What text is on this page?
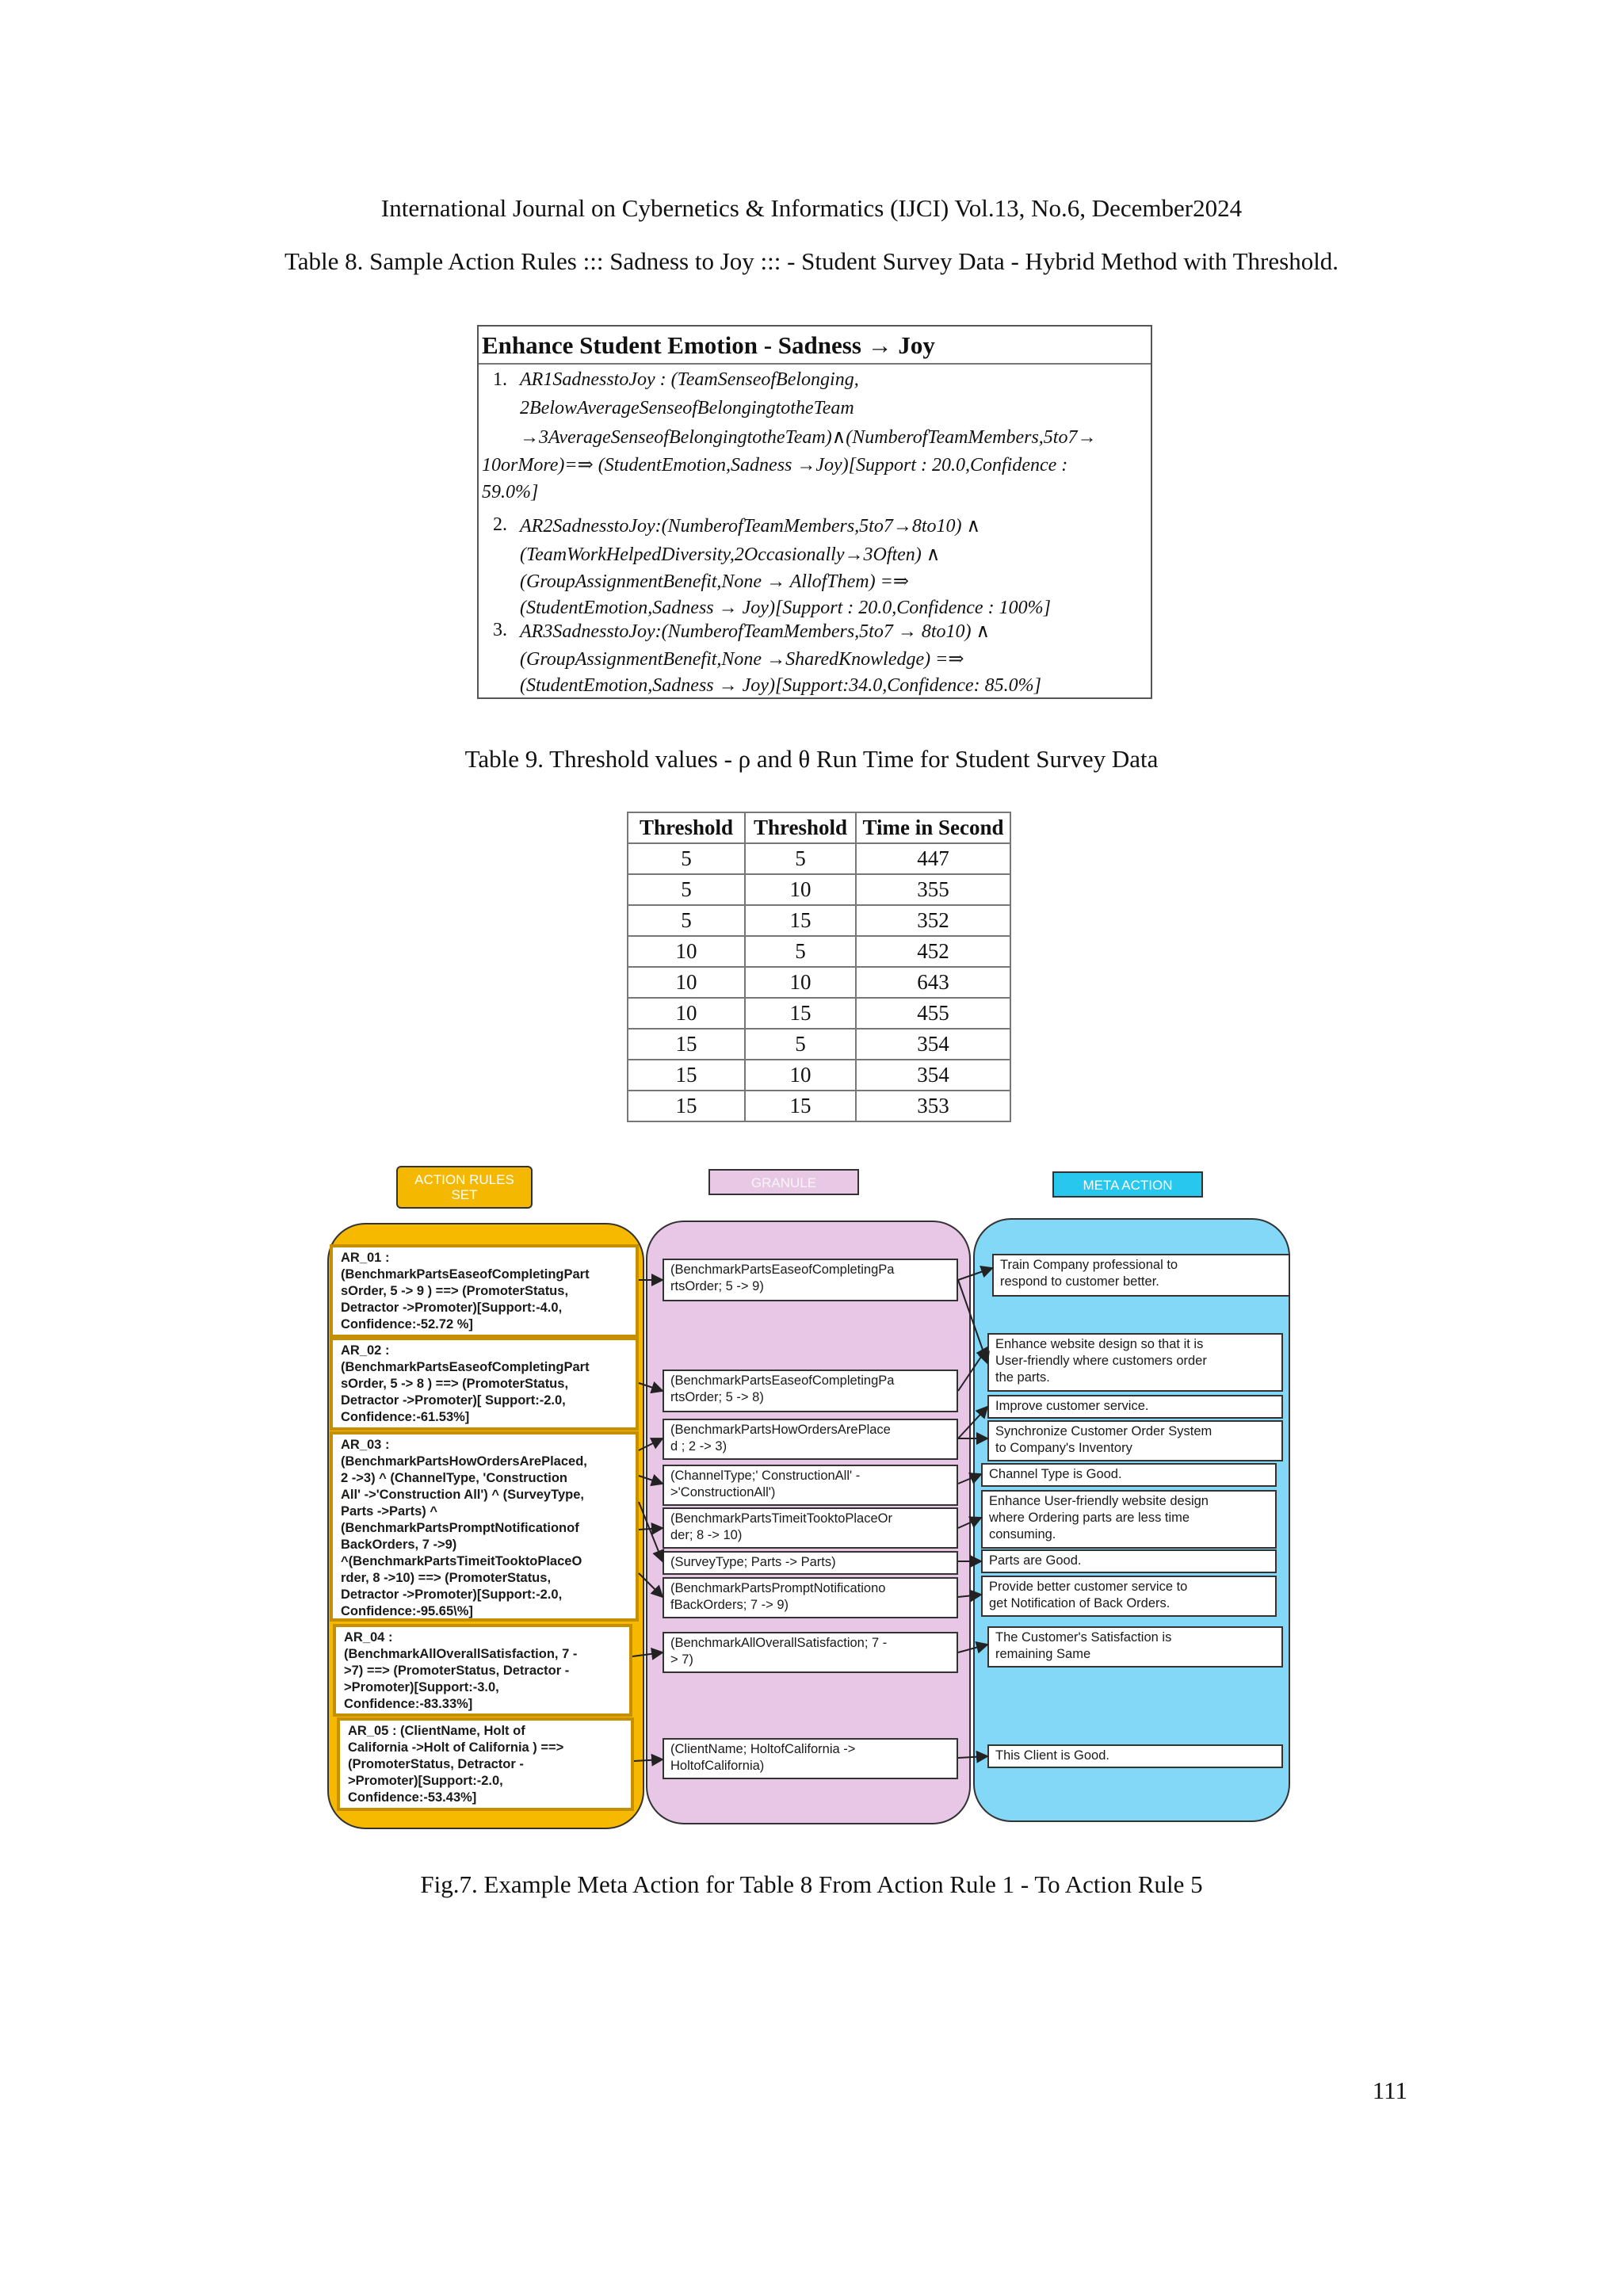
International Journal on Cybernetics & Informatics (IJCI) Vol.13, No.6, December2024
Table 8. Sample Action Rules ::: Sadness to Joy ::: - Student Survey Data - Hybrid Method with Threshold.
Enhance Student Emotion - Sadness → Joy
1. AR1SadnesstoJoy : (TeamSenseofBelonging,
2BelowAverageSenseofBelongingtotheTeam
→3AverageSenseofBelongingtotheTeam)∧(NumberofTeamMembers,5to7→
10orMore)=⇒ (StudentEmotion,Sadness →Joy)[Support : 20.0,Confidence :
59.0%]
2. AR2SadnesstoJoy:(NumberofTeamMembers,5to7→8to10) ∧
(TeamWorkHelpedDiversity,2Occasionally→3Often) ∧
(GroupAssignmentBenefit,None → AllofThem) =⇒
(StudentEmotion,Sadness → Joy)[Support : 20.0,Confidence : 100%]
3. AR3SadnesstoJoy:(NumberofTeamMembers,5to7 → 8to10) ∧
(GroupAssignmentBenefit,None →SharedKnowledge) =⇒
(StudentEmotion,Sadness → Joy)[Support:34.0,Confidence: 85.0%]
Table 9. Threshold values - ρ and θ Run Time for Student Survey Data
Threshold	Threshold	Time in Second
5	5	447
5	10	355
5	15	352
10	5	452
10	10	643
10	15	455
15	5	354
15	10	354
15	15	353
ACTION RULES
SET
GRANULE	META ACTION
AR_01 :
(BenchmarkPartsEaseofCompletingPart
sOrder, 5 -> 9 ) ==> (PromoterStatus,
Detractor ->Promoter)[Support:-4.0,
Confidence:-52.72 %]
AR_02 :
(BenchmarkPartsEaseofCompletingPart
sOrder, 5 -> 8 ) ==> (PromoterStatus,
Detractor ->Promoter)[ Support:-2.0,
Confidence:-61.53%]
AR_03 :
(BenchmarkPartsHowOrdersArePlaced,
2 ->3) ^ (ChannelType, 'Construction
All' ->'Construction All') ^ (SurveyType,
Parts ->Parts) ^
(BenchmarkPartsPromptNotificationof
BackOrders, 7 ->9)
^(BenchmarkPartsTimeitTooktoPlaceO
rder, 8 ->10) ==> (PromoterStatus,
Detractor ->Promoter)[Support:-2.0,
Confidence:-95.65\%]
AR_04 :
(BenchmarkAllOverallSatisfaction, 7 -
>7) ==> (PromoterStatus, Detractor -
>Promoter)[Support:-3.0,
Confidence:-83.33%]
AR_05 : (ClientName, Holt of
California ->Holt of California ) ==>
(PromoterStatus, Detractor -
>Promoter)[Support:-2.0,
Confidence:-53.43%]
(BenchmarkPartsEaseofCompletingPa
rtsOrder; 5 -> 9)
(BenchmarkPartsEaseofCompletingPa
rtsOrder; 5 -> 8)
(BenchmarkPartsHowOrdersArePlace
d ; 2 -> 3)
(ChannelType;' ConstructionAll' -
>'ConstructionAll')
(BenchmarkPartsTimeitTooktoPlaceOr
der; 8 -> 10)
(SurveyType; Parts -> Parts)
(BenchmarkPartsPromptNotificationo
fBackOrders; 7 -> 9)
(BenchmarkAllOverallSatisfaction; 7 -
> 7)
(ClientName; HoltofCalifornia ->
HoltofCalifornia)
Train Company professional to
respond to customer better.
Enhance website design so that it is
User-friendly where customers order
the parts.
Improve customer service.
Synchronize Customer Order System
to Company's Inventory
Channel Type is Good.
Enhance User-friendly website design
where Ordering parts are less time
consuming.
Parts are Good.
Provide better customer service to
get Notification of Back Orders.
The Customer's Satisfaction is
remaining Same
This Client is Good.
Fig.7. Example Meta Action for Table 8 From Action Rule 1 - To Action Rule 5
111
